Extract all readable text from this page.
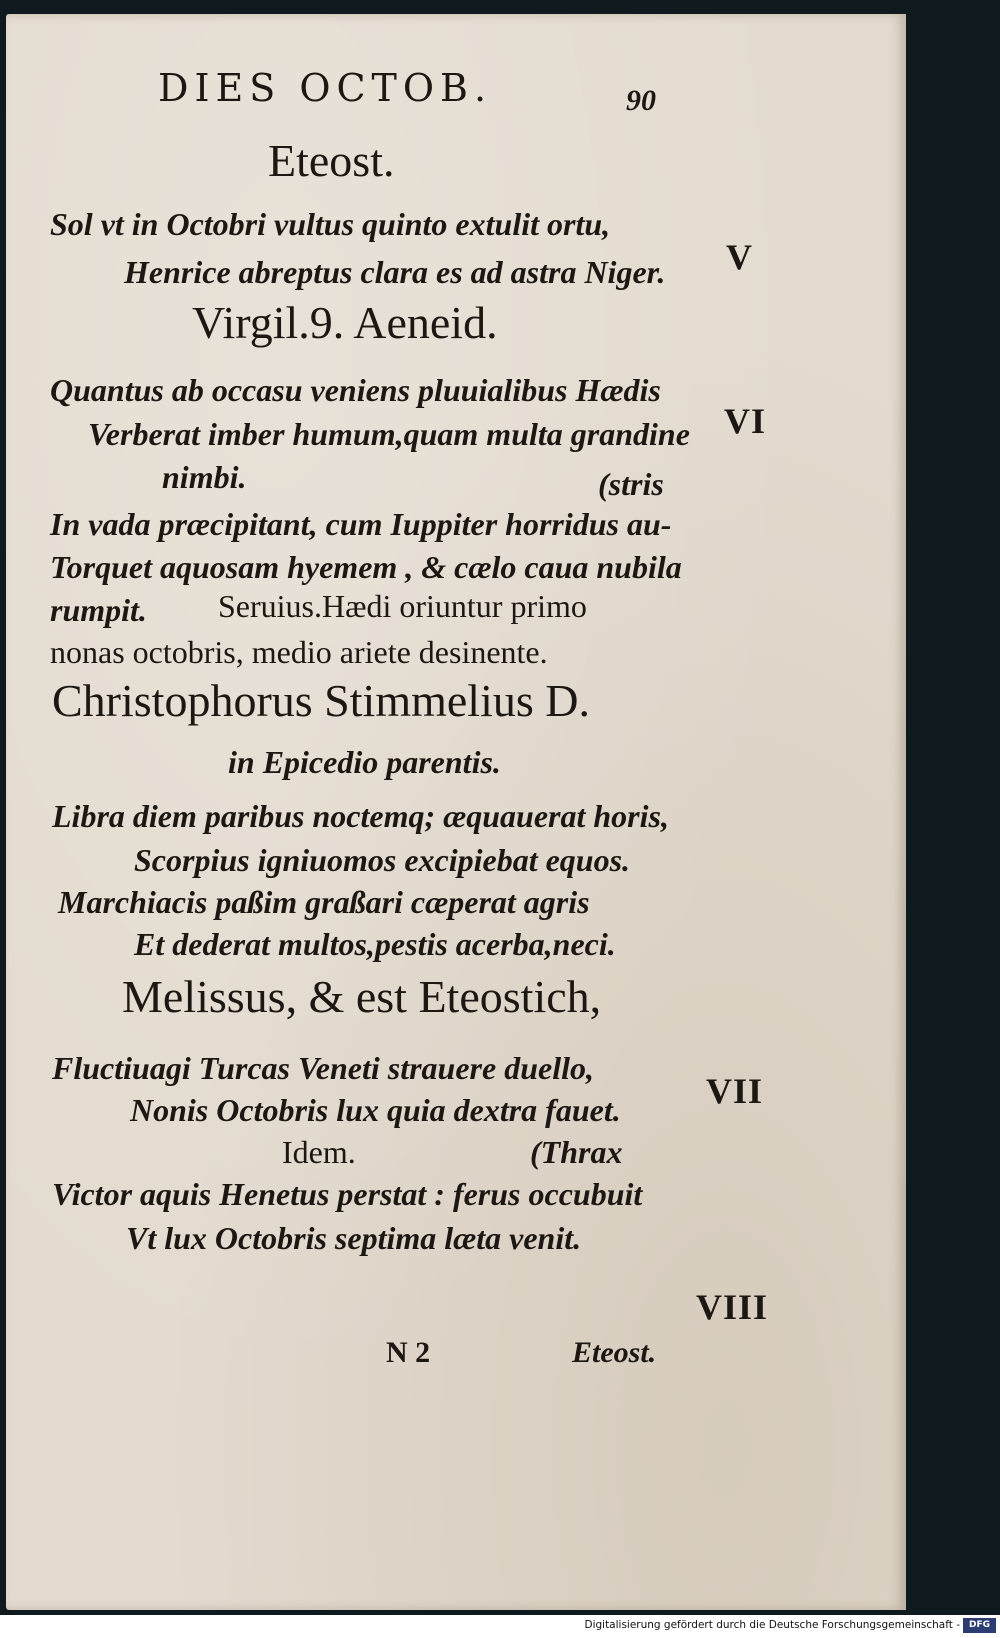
DIES OCTOB.	90
Eteost.
Sol vt in Octobri vultus quinto extulit ortu,
Henrice abreptus clara es ad astra Niger.
Virgil.9. Aeneid.
Quantus ab occasu veniens pluuialibus Hædis
Verberat imber humum,quam multa grandine
nimbi.	(stris
In vada præcipitant, cum Iuppiter horridus au-
Torquet aquosam hyemem , & cælo caua nubila
rumpit. Seruius.Hædi oriuntur primo
nonas octobris, medio ariete desinente.
Christophorus Stimmelius D.
in Epicedio parentis.
Libra diem paribus noctemq; æquauerat horis,
Scorpius igniuomos excipiebat equos.
Marchiacis paßim graßari cæperat agris
Et dederat multos,pestis acerba,neci.
Melissus, & est Eteostich,
Fluctiuagi Turcas Veneti strauere duello,
Nonis Octobris lux quia dextra fauet.
Idem.	(Thrax
Victor aquis Henetus perstat : ferus occubuit
Vt lux Octobris septima læta venit.
V
VI
VII
VIII
N 2	Eteost.
Digitalisierung gefördert durch die Deutsche Forschungsgemeinschaft - DFG
